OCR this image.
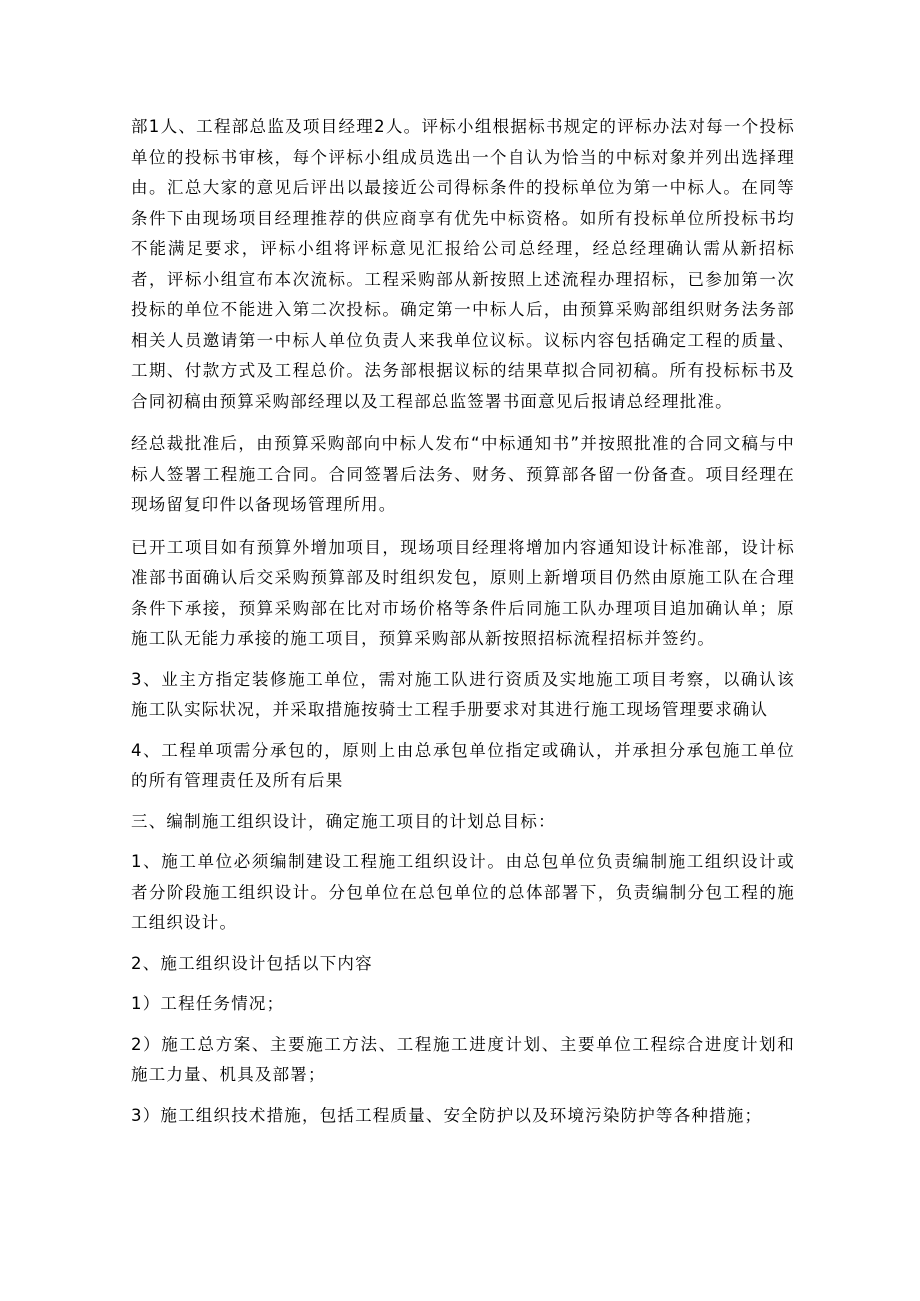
部1人、工程部总监及项目经理2人。评标小组根据标书规定的评标办法对每一个投标单位的投标书审核，每个评标小组成员选出一个自认为恰当的中标对象并列出选择理由。汇总大家的意见后评出以最接近公司得标条件的投标单位为第一中标人。在同等条件下由现场项目经理推荐的供应商享有优先中标资格。如所有投标单位所投标书均不能满足要求，评标小组将评标意见汇报给公司总经理，经总经理确认需从新招标者，评标小组宣布本次流标。工程采购部从新按照上述流程办理招标，已参加第一次投标的单位不能进入第二次投标。确定第一中标人后，由预算采购部组织财务法务部相关人员邀请第一中标人单位负责人来我单位议标。议标内容包括确定工程的质量、工期、付款方式及工程总价。法务部根据议标的结果草拟合同初稿。所有投标标书及合同初稿由预算采购部经理以及工程部总监签署书面意见后报请总经理批准。

经总裁批准后，由预算采购部向中标人发布“中标通知书”并按照批准的合同文稿与中标人签署工程施工合同。合同签署后法务、财务、预算部各留一份备查。项目经理在现场留复印件以备现场管理所用。

已开工项目如有预算外增加项目，现场项目经理将增加内容通知设计标准部，设计标准部书面确认后交采购预算部及时组织发包，原则上新增项目仍然由原施工队在合理条件下承接，预算采购部在比对市场价格等条件后同施工队办理项目追加确认单；原施工队无能力承接的施工项目，预算采购部从新按照招标流程招标并签约。

3、业主方指定装修施工单位，需对施工队进行资质及实地施工项目考察，以确认该施工队实际状况，并采取措施按骑士工程手册要求对其进行施工现场管理要求确认

4、工程单项需分承包的，原则上由总承包单位指定或确认，并承担分承包施工单位的所有管理责任及所有后果

三、编制施工组织设计，确定施工项目的计划总目标：

1、施工单位必须编制建设工程施工组织设计。由总包单位负责编制施工组织设计或者分阶段施工组织设计。分包单位在总包单位的总体部署下，负责编制分包工程的施工组织设计。

2、施工组织设计包括以下内容

1）工程任务情况；

2）施工总方案、主要施工方法、工程施工进度计划、主要单位工程综合进度计划和施工力量、机具及部署；

3）施工组织技术措施，包括工程质量、安全防护以及环境污染防护等各种措施；
